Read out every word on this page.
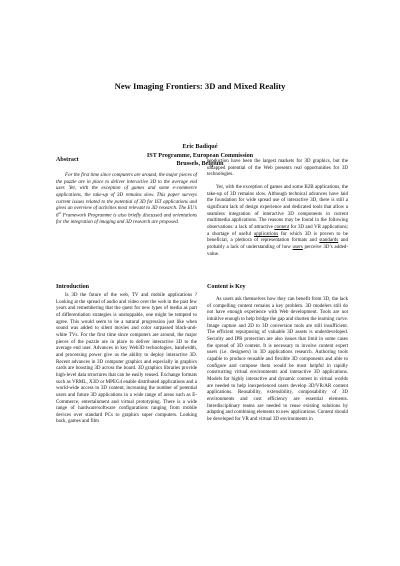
New Imaging Frontiers: 3D and Mixed Reality
Eric Badiqué
IST Programme, European Commission
Brussels, Belgium
Abstract

For the first time since computers are around, the major pieces of the puzzle are in place to deliver interactive 3D to the average end user. Yet, with the exception of games and some e-commerce applications, the take-up of 3D remains slow. This paper surveys current issues related to the potential of 3D for IST applications and gives an overview of activities most relevant to 3D research. The EU’s 6th Framework Programme is also briefly discussed and orientations for the integration of imaging and 3D research are proposed.

Introduction

Is 3D the future of the web, TV and mobile applications ? Looking at the spread of audio and video over the web in the past few years and remembering that the quest for new types of media as part of differentiation strategies is unstoppable, one might be tempted to agree. This would seem to be a natural progression just like when sound was added to silent movies and color surpassed black-and-white TVs. For the first time since computers are around, the major pieces of the puzzle are in place to deliver interactive 3D to the average end user. Advances in key Web3D technologies, bandwidth, and processing power give us the ability to deploy interactive 3D. Recent advances in 3D computer graphics and especially in graphics cards are boosting 3D across the board. 3D graphics libraries provide high-level data structures that can be easily reused. Exchange formats such as VRML, X3D or MPEG4 enable distributed applications and a world-wide access to 3D content, increasing the number of potential users and future 3D applications in a wide range of areas such as E-Commerce, entertainment and virtual prototyping. There is a wide range of hardware/software configurations ranging from mobile devices over standard PCs to graphics super computers. Looking back, games and film

production have been the largest markets for 3D graphics, but the untapped potential of the Web presents real opportunities for 3D technologies.

Yet, with the exception of games and some B2B applications, the take-up of 3D remains slow. Although technical advances have laid the foundation for wide spread use of interactive 3D, there is still a significant lack of design experience and dedicated tools that allow a seamless integration of interactive 3D components in current multimedia applications. The reasons may be found in the following observations: a lack of attractive content for 3D and VR applications; a shortage of useful applications for which 3D is proven to be beneficial, a plethora of representation formats and standards and probably a lack of understanding of how users perceive 3D’s added-value.

Content is Key

As users ask themselves how they can benefit from 3D, the lack of compelling content remains a key problem. 3D modelers still do not have enough experience with Web development. Tools are not intuitive enough to help bridge the gap and shorten the learning curve. Image capture and 2D to 3D conversion tools are still insufficient. The efficient repurposing of valuable 3D assets is underdeveloped. Security and IPR protection are also issues that limit in some cases the spread of 3D content. It is necessary to involve content expert users (i.e. designers) in 3D applications research. Authoring tools capable to produce reusable and flexible 3D components and able to configure and compose them would be most helpful in rapidly constructing virtual environments and interactive 3D applications. Models for highly interactive and dynamic content in virtual worlds are needed to help inexperienced users develop 3D/VR/AR content applications. Reusability, extensibility, composability of 3D environments and cost efficiency are essential elements. Interdisciplinary teams are needed to reuse existing solutions by adapting and combining elements to new applications. Content should be developed for VR and virtual 3D environments in
